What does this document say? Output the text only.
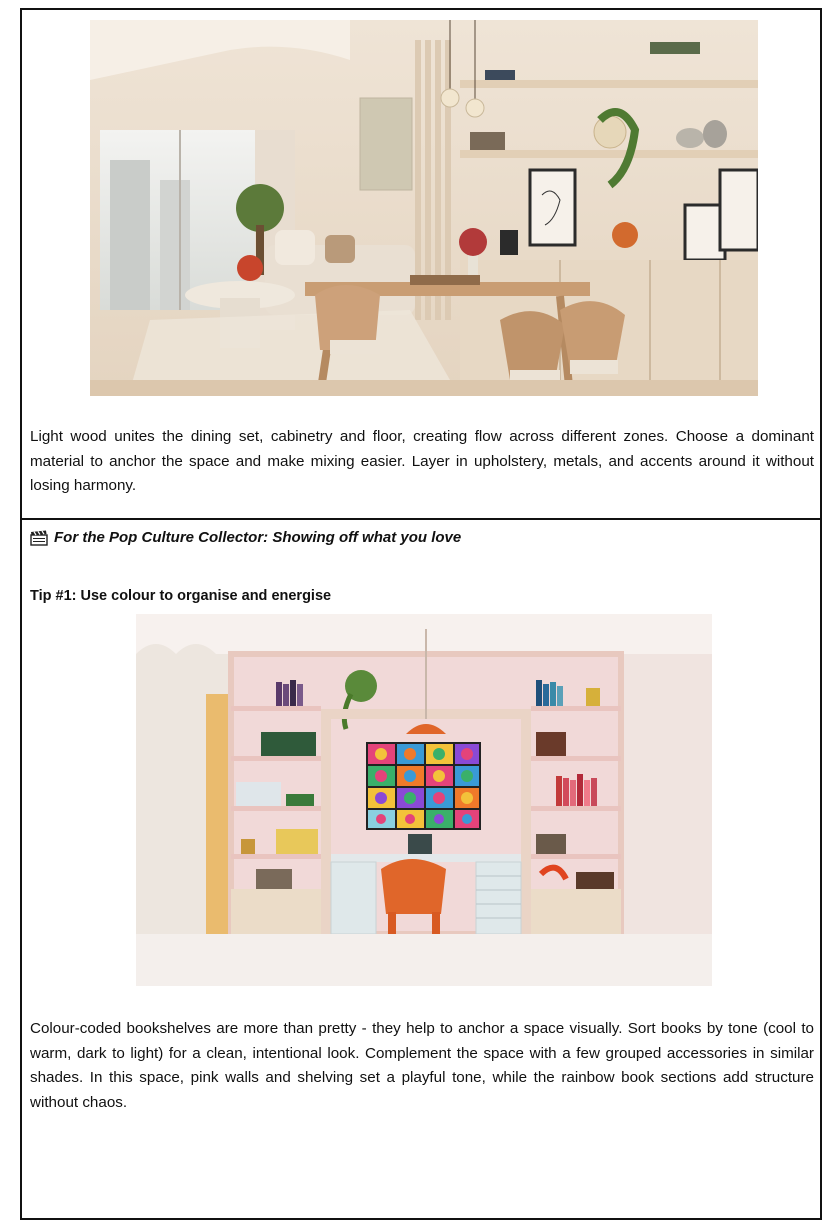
Light wood unites the dining set, cabinetry and floor, creating flow across different zones. Choose a dominant material to anchor the space and make mixing easier. Layer in upholstery, metals, and accents around it without losing harmony.
For the Pop Culture Collector: Showing off what you love
Tip #1: Use colour to organise and energise
Colour-coded bookshelves are more than pretty - they help to anchor a space visually. Sort books by tone (cool to warm, dark to light) for a clean, intentional look. Complement the space with a few grouped accessories in similar shades. In this space, pink walls and shelving set a playful tone, while the rainbow book sections add structure without chaos.
